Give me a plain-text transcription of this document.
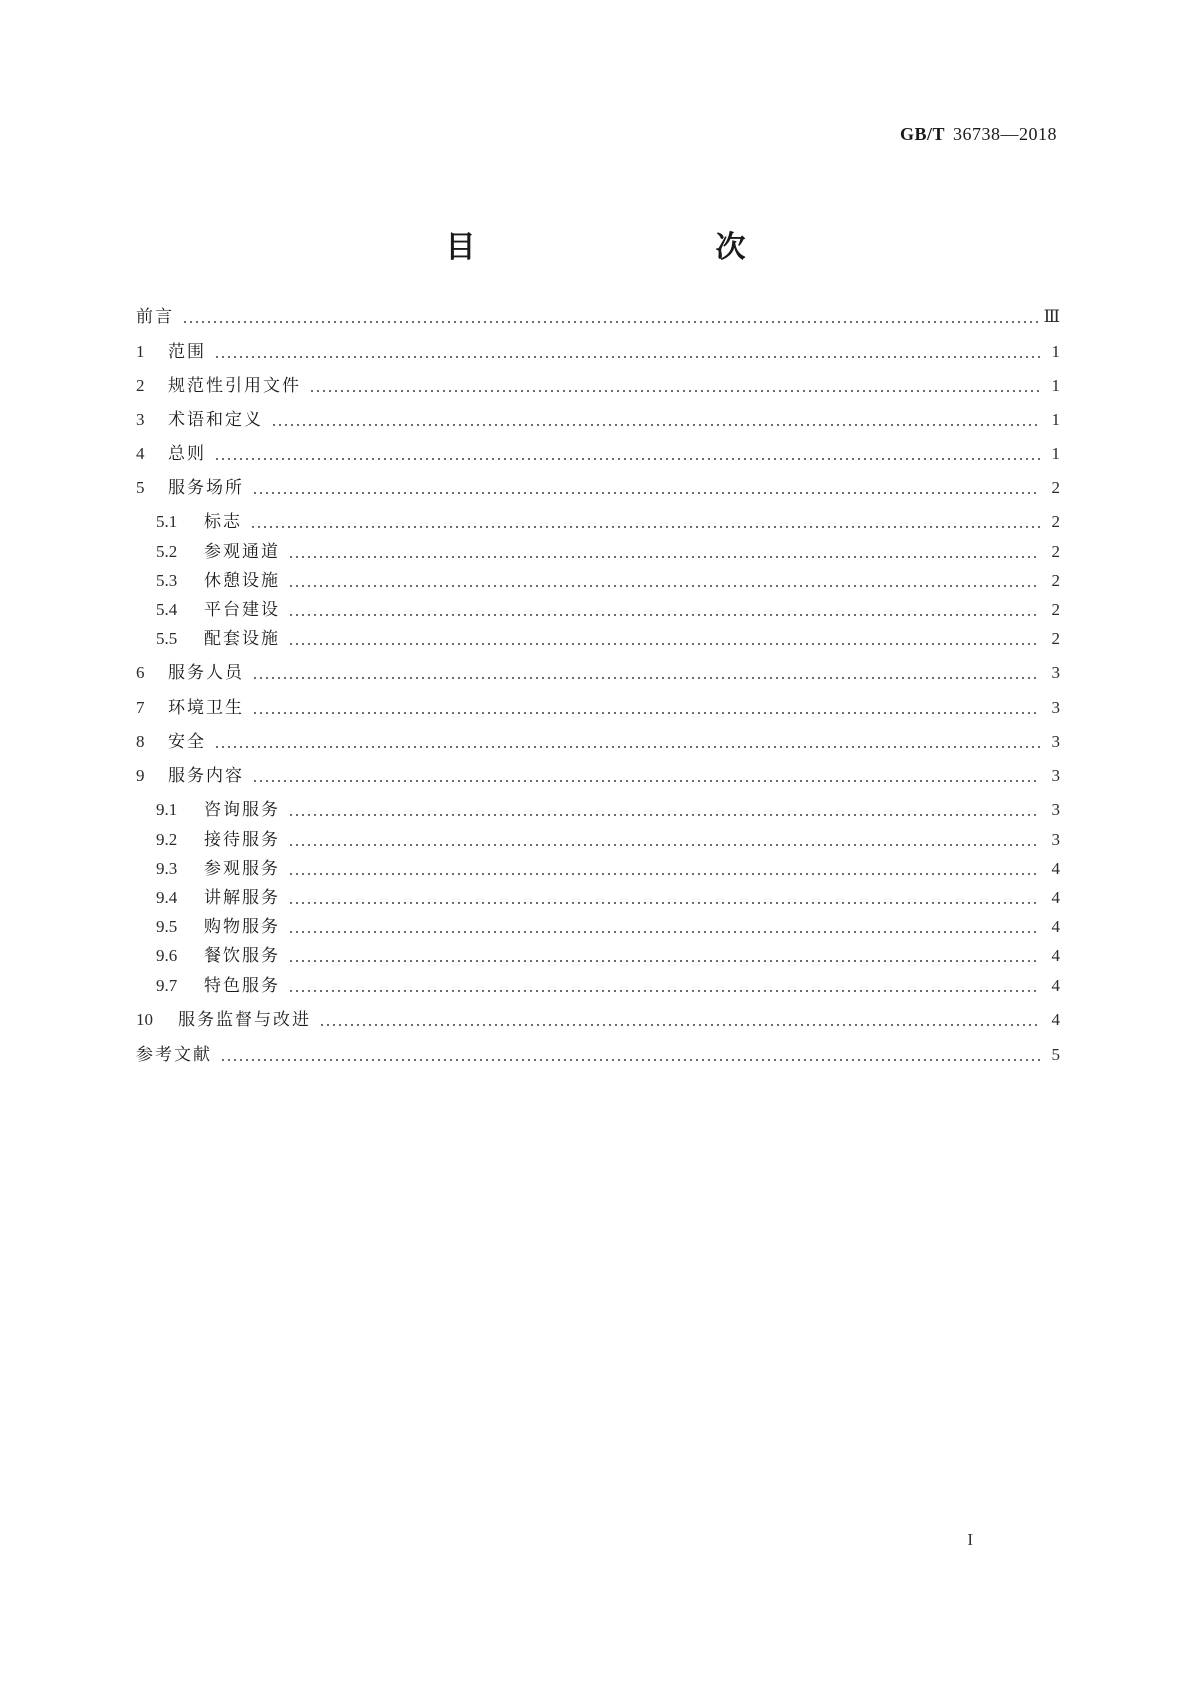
GB/T 36738—2018
目　　次
前言	Ⅲ
1	范围	1
2	规范性引用文件	1
3	术语和定义	1
4	总则	1
5	服务场所	2
5.1	标志	2
5.2	参观通道	2
5.3	休憩设施	2
5.4	平台建设	2
5.5	配套设施	2
6	服务人员	3
7	环境卫生	3
8	安全	3
9	服务内容	3
9.1	咨询服务	3
9.2	接待服务	3
9.3	参观服务	4
9.4	讲解服务	4
9.5	购物服务	4
9.6	餐饮服务	4
9.7	特色服务	4
10	服务监督与改进	4
参考文献	5
I
